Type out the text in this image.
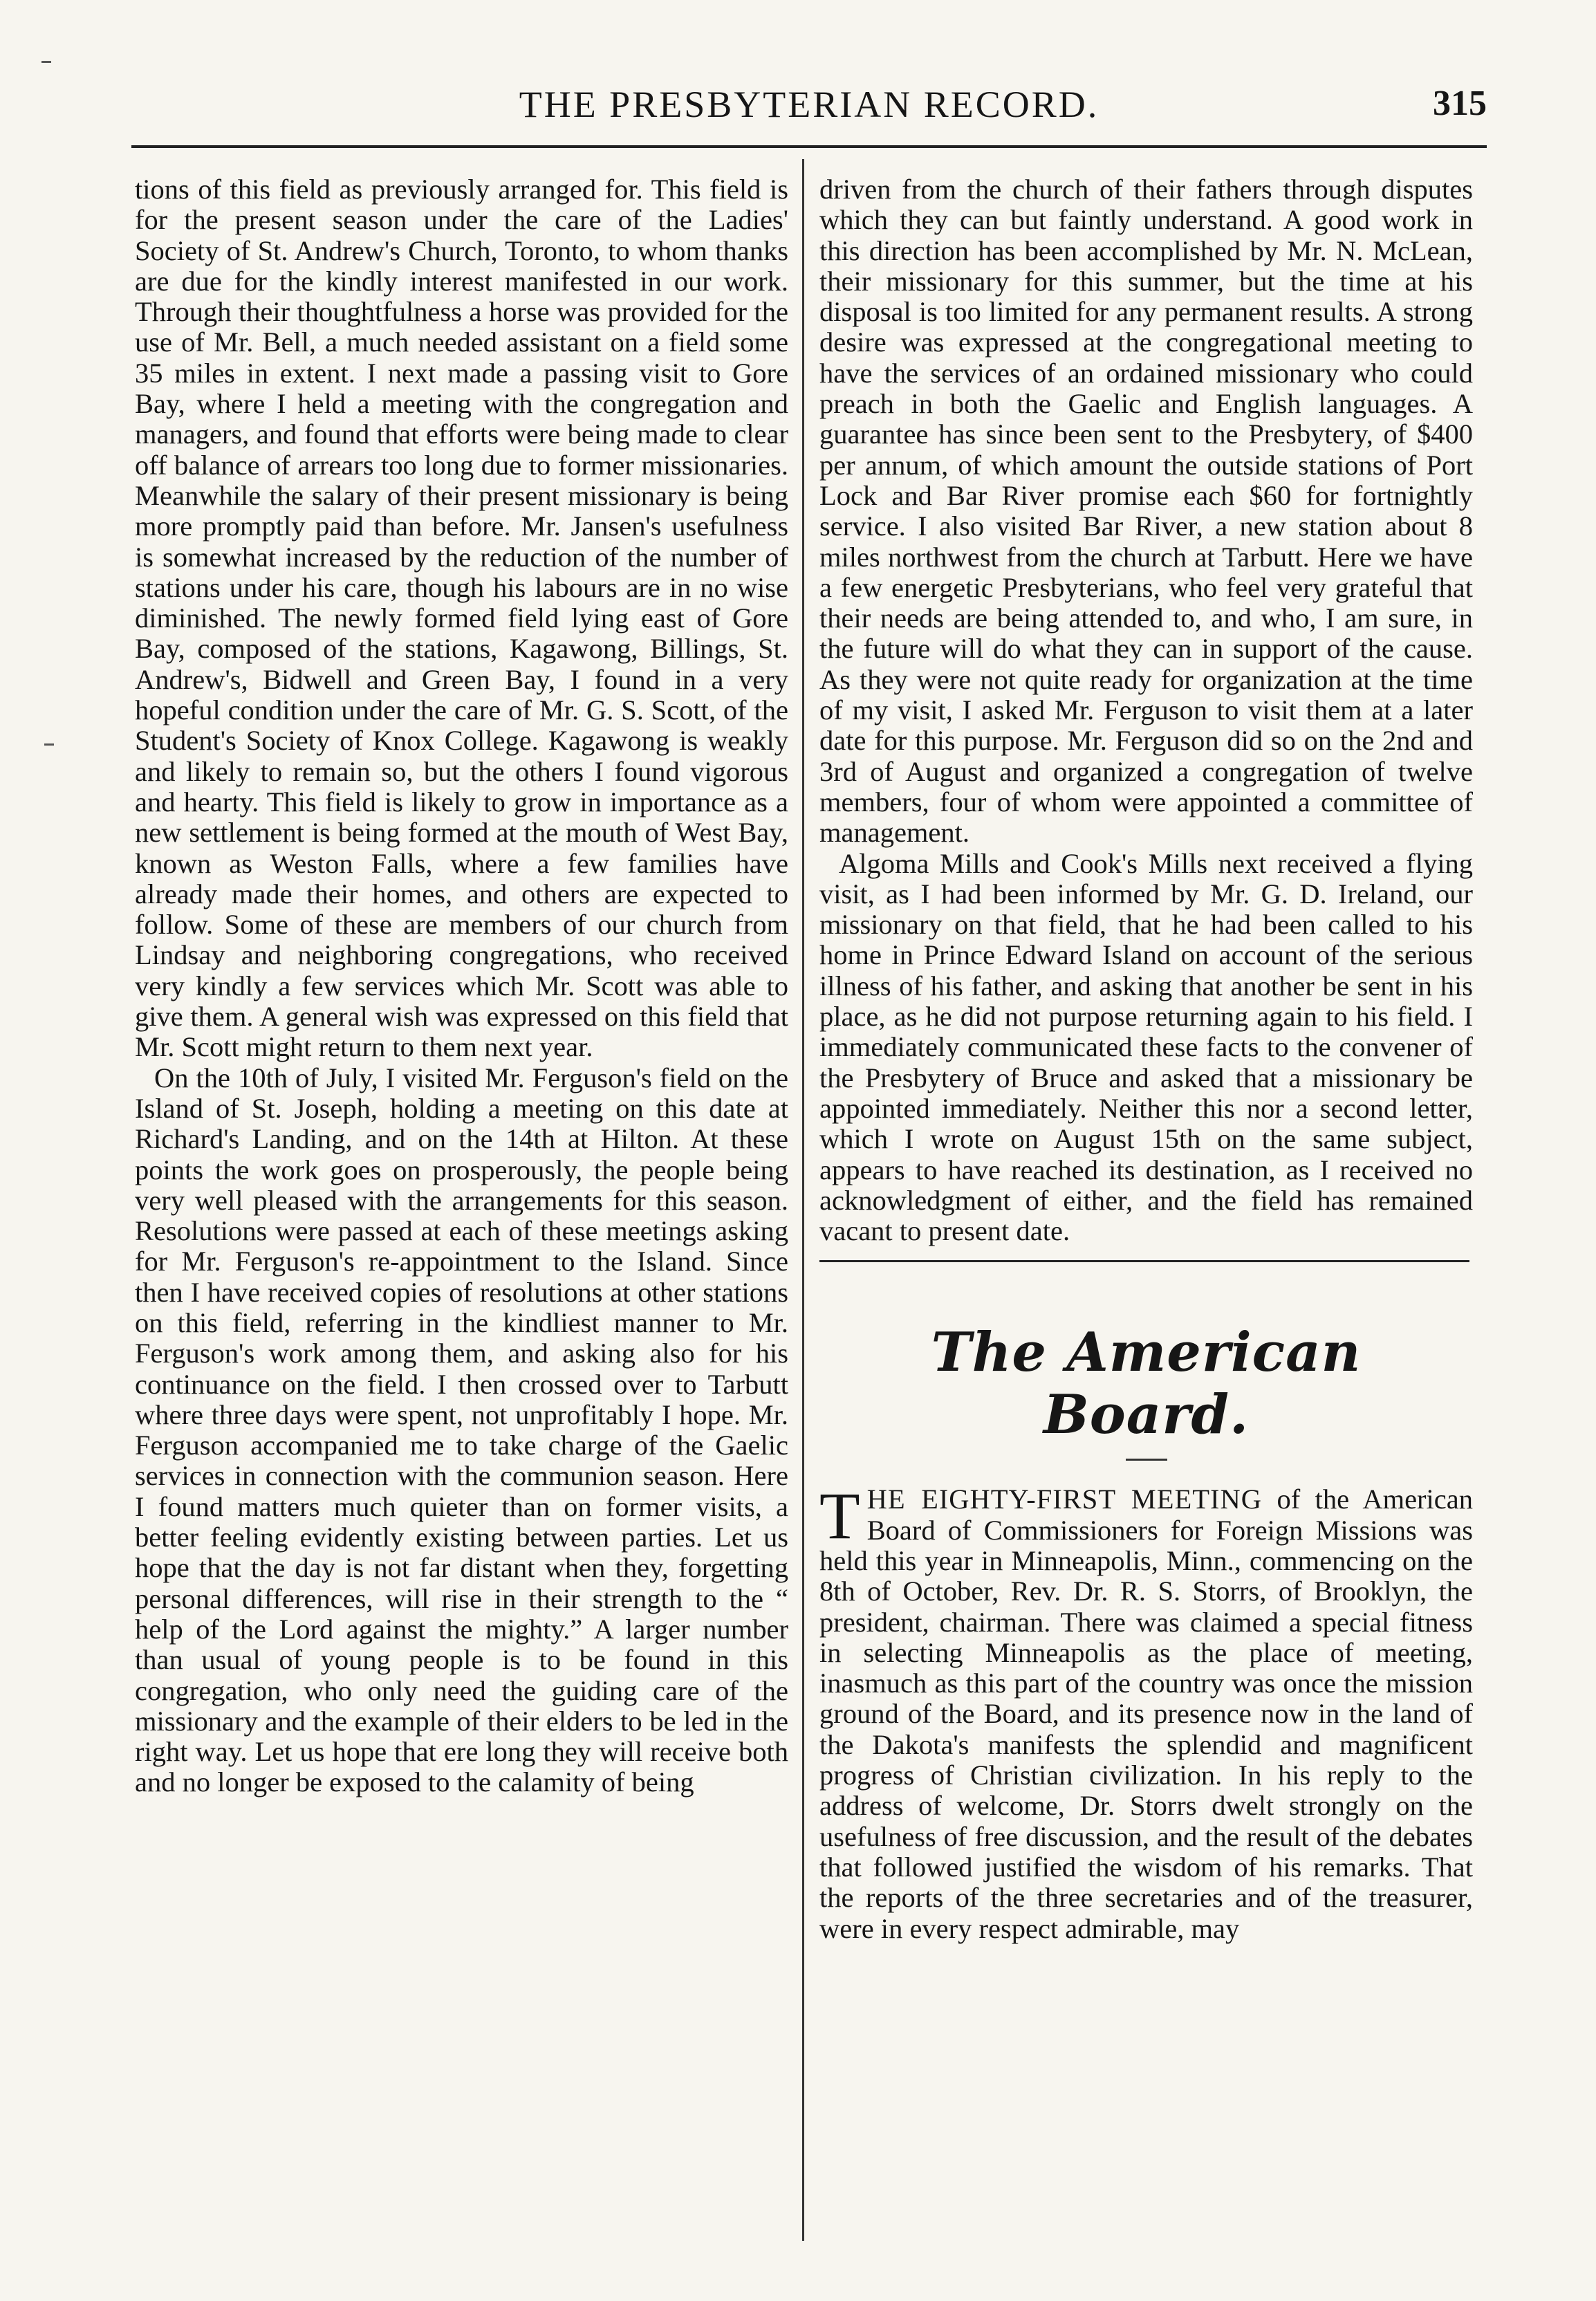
THE PRESBYTERIAN RECORD.	315

tions of this field as previously arranged for. This field is for the present season under the care of the Ladies' Society of St. Andrew's Church, Toronto, to whom thanks are due for the kindly interest manifested in our work. Through their thoughtfulness a horse was provided for the use of Mr. Bell, a much needed assistant on a field some 35 miles in extent. I next made a passing visit to Gore Bay, where I held a meeting with the congregation and managers, and found that efforts were being made to clear off balance of arrears too long due to former missionaries. Meanwhile the salary of their present missionary is being more promptly paid than before. Mr. Jansen's usefulness is somewhat increased by the reduction of the number of stations under his care, though his labours are in no wise diminished. The newly formed field lying east of Gore Bay, composed of the stations, Kagawong, Billings, St. Andrew's, Bidwell and Green Bay, I found in a very hopeful condition under the care of Mr. G. S. Scott, of the Student's Society of Knox College. Kagawong is weakly and likely to remain so, but the others I found vigorous and hearty. This field is likely to grow in importance as a new settlement is being formed at the mouth of West Bay, known as Weston Falls, where a few families have already made their homes, and others are expected to follow. Some of these are members of our church from Lindsay and neighboring congregations, who received very kindly a few services which Mr. Scott was able to give them. A general wish was expressed on this field that Mr. Scott might return to them next year.

On the 10th of July, I visited Mr. Ferguson's field on the Island of St. Joseph, holding a meeting on this date at Richard's Landing, and on the 14th at Hilton. At these points the work goes on prosperously, the people being very well pleased with the arrangements for this season. Resolutions were passed at each of these meetings asking for Mr. Ferguson's re-appointment to the Island. Since then I have received copies of resolutions at other stations on this field, referring in the kindliest manner to Mr. Ferguson's work among them, and asking also for his continuance on the field. I then crossed over to Tarbutt where three days were spent, not unprofitably I hope. Mr. Ferguson accompanied me to take charge of the Gaelic services in connection with the communion season. Here I found matters much quieter than on former visits, a better feeling evidently existing between parties. Let us hope that the day is not far distant when they, forgetting personal differences, will rise in their strength to the “ help of the Lord against the mighty.” A larger number than usual of young people is to be found in this congregation, who only need the guiding care of the missionary and the example of their elders to be led in the right way. Let us hope that ere long they will receive both and no longer be exposed to the calamity of being

driven from the church of their fathers through disputes which they can but faintly understand. A good work in this direction has been accomplished by Mr. N. McLean, their missionary for this summer, but the time at his disposal is too limited for any permanent results. A strong desire was expressed at the congregational meeting to have the services of an ordained missionary who could preach in both the Gaelic and English languages. A guarantee has since been sent to the Presbytery, of $400 per annum, of which amount the outside stations of Port Lock and Bar River promise each $60 for fortnightly service. I also visited Bar River, a new station about 8 miles northwest from the church at Tarbutt. Here we have a few energetic Presbyterians, who feel very grateful that their needs are being attended to, and who, I am sure, in the future will do what they can in support of the cause. As they were not quite ready for organization at the time of my visit, I asked Mr. Ferguson to visit them at a later date for this purpose. Mr. Ferguson did so on the 2nd and 3rd of August and organized a congregation of twelve members, four of whom were appointed a committee of management.

Algoma Mills and Cook's Mills next received a flying visit, as I had been informed by Mr. G. D. Ireland, our missionary on that field, that he had been called to his home in Prince Edward Island on account of the serious illness of his father, and asking that another be sent in his place, as he did not purpose returning again to his field. I immediately communicated these facts to the convener of the Presbytery of Bruce and asked that a missionary be appointed immediately. Neither this nor a second letter, which I wrote on August 15th on the same subject, appears to have reached its destination, as I received no acknowledgment of either, and the field has remained vacant to present date.

The American Board.

THE EIGHTY-FIRST MEETING of the American Board of Commissioners for Foreign Missions was held this year in Minneapolis, Minn., commencing on the 8th of October, Rev. Dr. R. S. Storrs, of Brooklyn, the president, chairman. There was claimed a special fitness in selecting Minneapolis as the place of meeting, inasmuch as this part of the country was once the mission ground of the Board, and its presence now in the land of the Dakota's manifests the splendid and magnificent progress of Christian civilization. In his reply to the address of welcome, Dr. Storrs dwelt strongly on the usefulness of free discussion, and the result of the debates that followed justified the wisdom of his remarks. That the reports of the three secretaries and of the treasurer, were in every respect admirable, may
